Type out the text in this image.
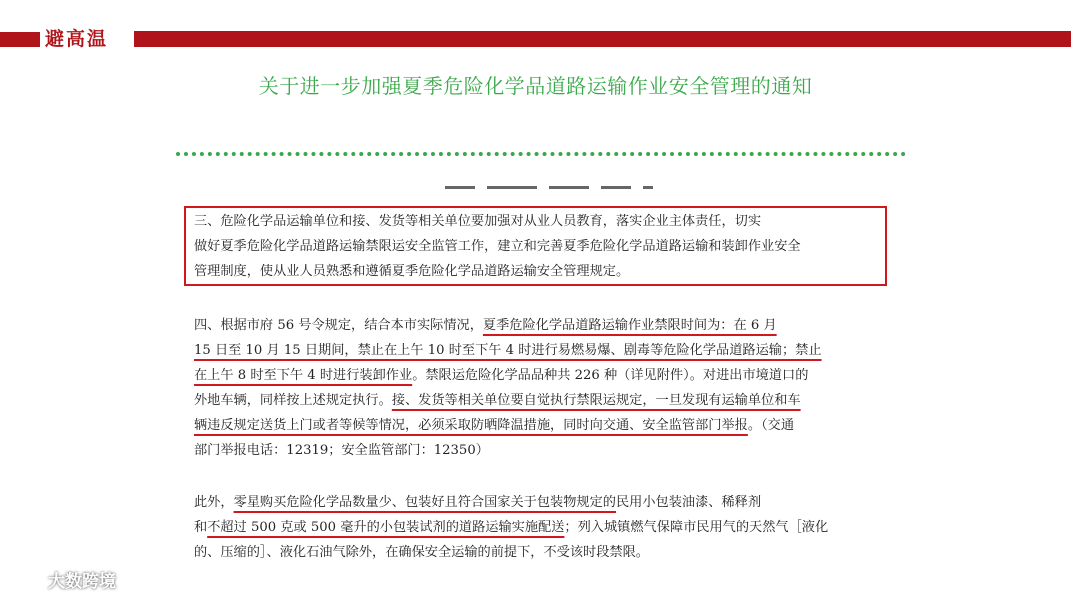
避高温
关于进一步加强夏季危险化学品道路运输作业安全管理的通知
三、危险化学品运输单位和接、发货等相关单位要加强对从业人员教育，落实企业主体责任，切实
做好夏季危险化学品道路运输禁限运安全监管工作，建立和完善夏季危险化学品道路运输和装卸作业安全
管理制度，使从业人员熟悉和遵循夏季危险化学品道路运输安全管理规定。
四、根据市府 56 号令规定，结合本市实际情况，夏季危险化学品道路运输作业禁限时间为：在 6 月
15 日至 10 月 15 日期间，禁止在上午 10 时至下午 4 时进行易燃易爆、剧毒等危险化学品道路运输；禁止
在上午 8 时至下午 4 时进行装卸作业。禁限运危险化学品品种共 226 种（详见附件）。对进出市境道口的
外地车辆，同样按上述规定执行。接、发货等相关单位要自觉执行禁限运规定，一旦发现有运输单位和车
辆违反规定送货上门或者等候等情况，必须采取防晒降温措施，同时向交通、安全监管部门举报。（交通
部门举报电话：12319；安全监管部门：12350）
此外，零星购买危险化学品数量少、包装好且符合国家关于包装物规定的民用小包装油漆、稀释剂
和不超过 500 克或 500 毫升的小包装试剂的道路运输实施配送；列入城镇燃气保障市民用气的天然气［液化
的、压缩的］、液化石油气除外，在确保安全运输的前提下，不受该时段禁限。
大数跨境
